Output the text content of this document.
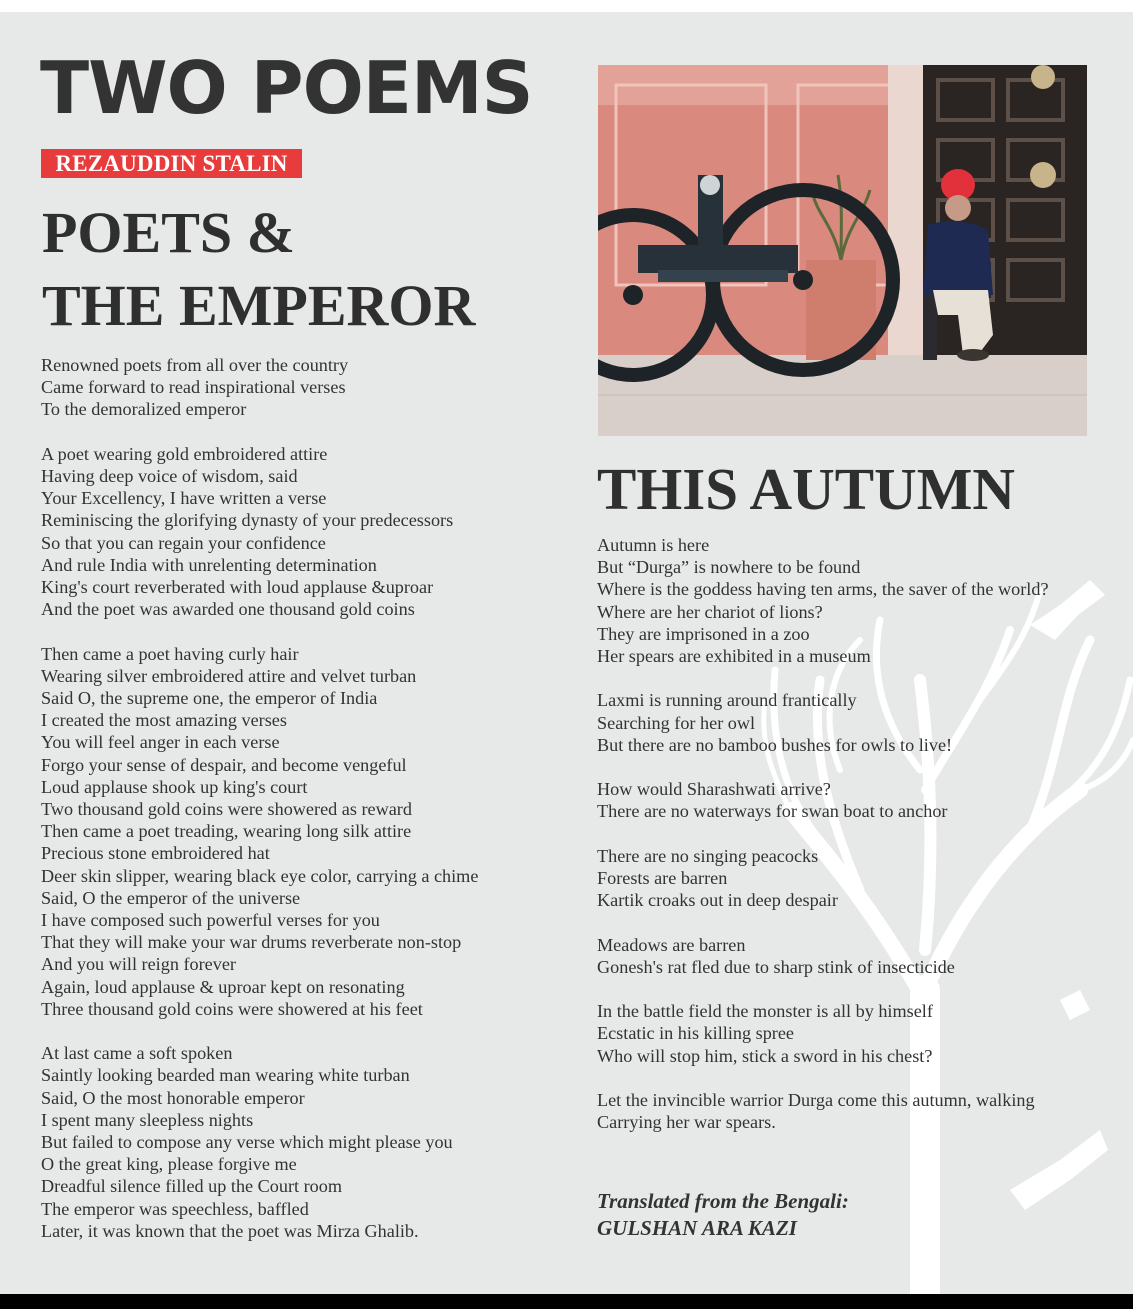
TWO POEMS
REZAUDDIN STALIN
POETS &
THE EMPEROR
Renowned poets from all over the country
Came forward to read inspirational verses
To the demoralized emperor
A poet wearing gold embroidered attire
Having deep voice of wisdom, said
Your Excellency, I have written a verse
Reminiscing the glorifying dynasty of your predecessors
So that you can regain your confidence
And rule India with unrelenting determination
King's court reverberated with loud applause &uproar
And the poet was awarded one thousand gold coins
Then came a poet having curly hair
Wearing silver embroidered attire and velvet turban
Said O, the supreme one, the emperor of India
I created the most amazing verses
You will feel anger in each verse
Forgo your sense of despair, and become vengeful
Loud applause shook up king's court
Two thousand gold coins were showered as reward
Then came a poet treading, wearing long silk attire
Precious stone embroidered hat
Deer skin slipper, wearing black eye color, carrying a chime
Said, O the emperor of the universe
I have composed such powerful verses for you
That they will make your war drums reverberate non-stop
And you will reign forever
Again, loud applause & uproar kept on resonating
Three thousand gold coins were showered at his feet
At last came a soft spoken
Saintly looking bearded man wearing white turban
Said, O the most honorable emperor
I spent many sleepless nights
But failed to compose any verse which might please you
O the great king, please forgive me
Dreadful silence filled up the Court room
The emperor was speechless, baffled
Later, it was known that the poet was Mirza Ghalib.
THIS AUTUMN
Autumn is here
But “Durga” is nowhere to be found
Where is the goddess having ten arms, the saver of the world?
Where are her chariot of lions?
They are imprisoned in a zoo
Her spears are exhibited in a museum
Laxmi is running around frantically
Searching for her owl
But there are no bamboo bushes for owls to live!
How would Sharashwati arrive?
There are no waterways for swan boat to anchor
There are no singing peacocks
Forests are barren
Kartik croaks out in deep despair
Meadows are barren
Gonesh's rat fled due to sharp stink of insecticide
In the battle field the monster is all by himself
Ecstatic in his killing spree
Who will stop him, stick a sword in his chest?
Let the invincible warrior Durga come this autumn, walking
Carrying her war spears.
Translated from the Bengali:
GULSHAN ARA KAZI
